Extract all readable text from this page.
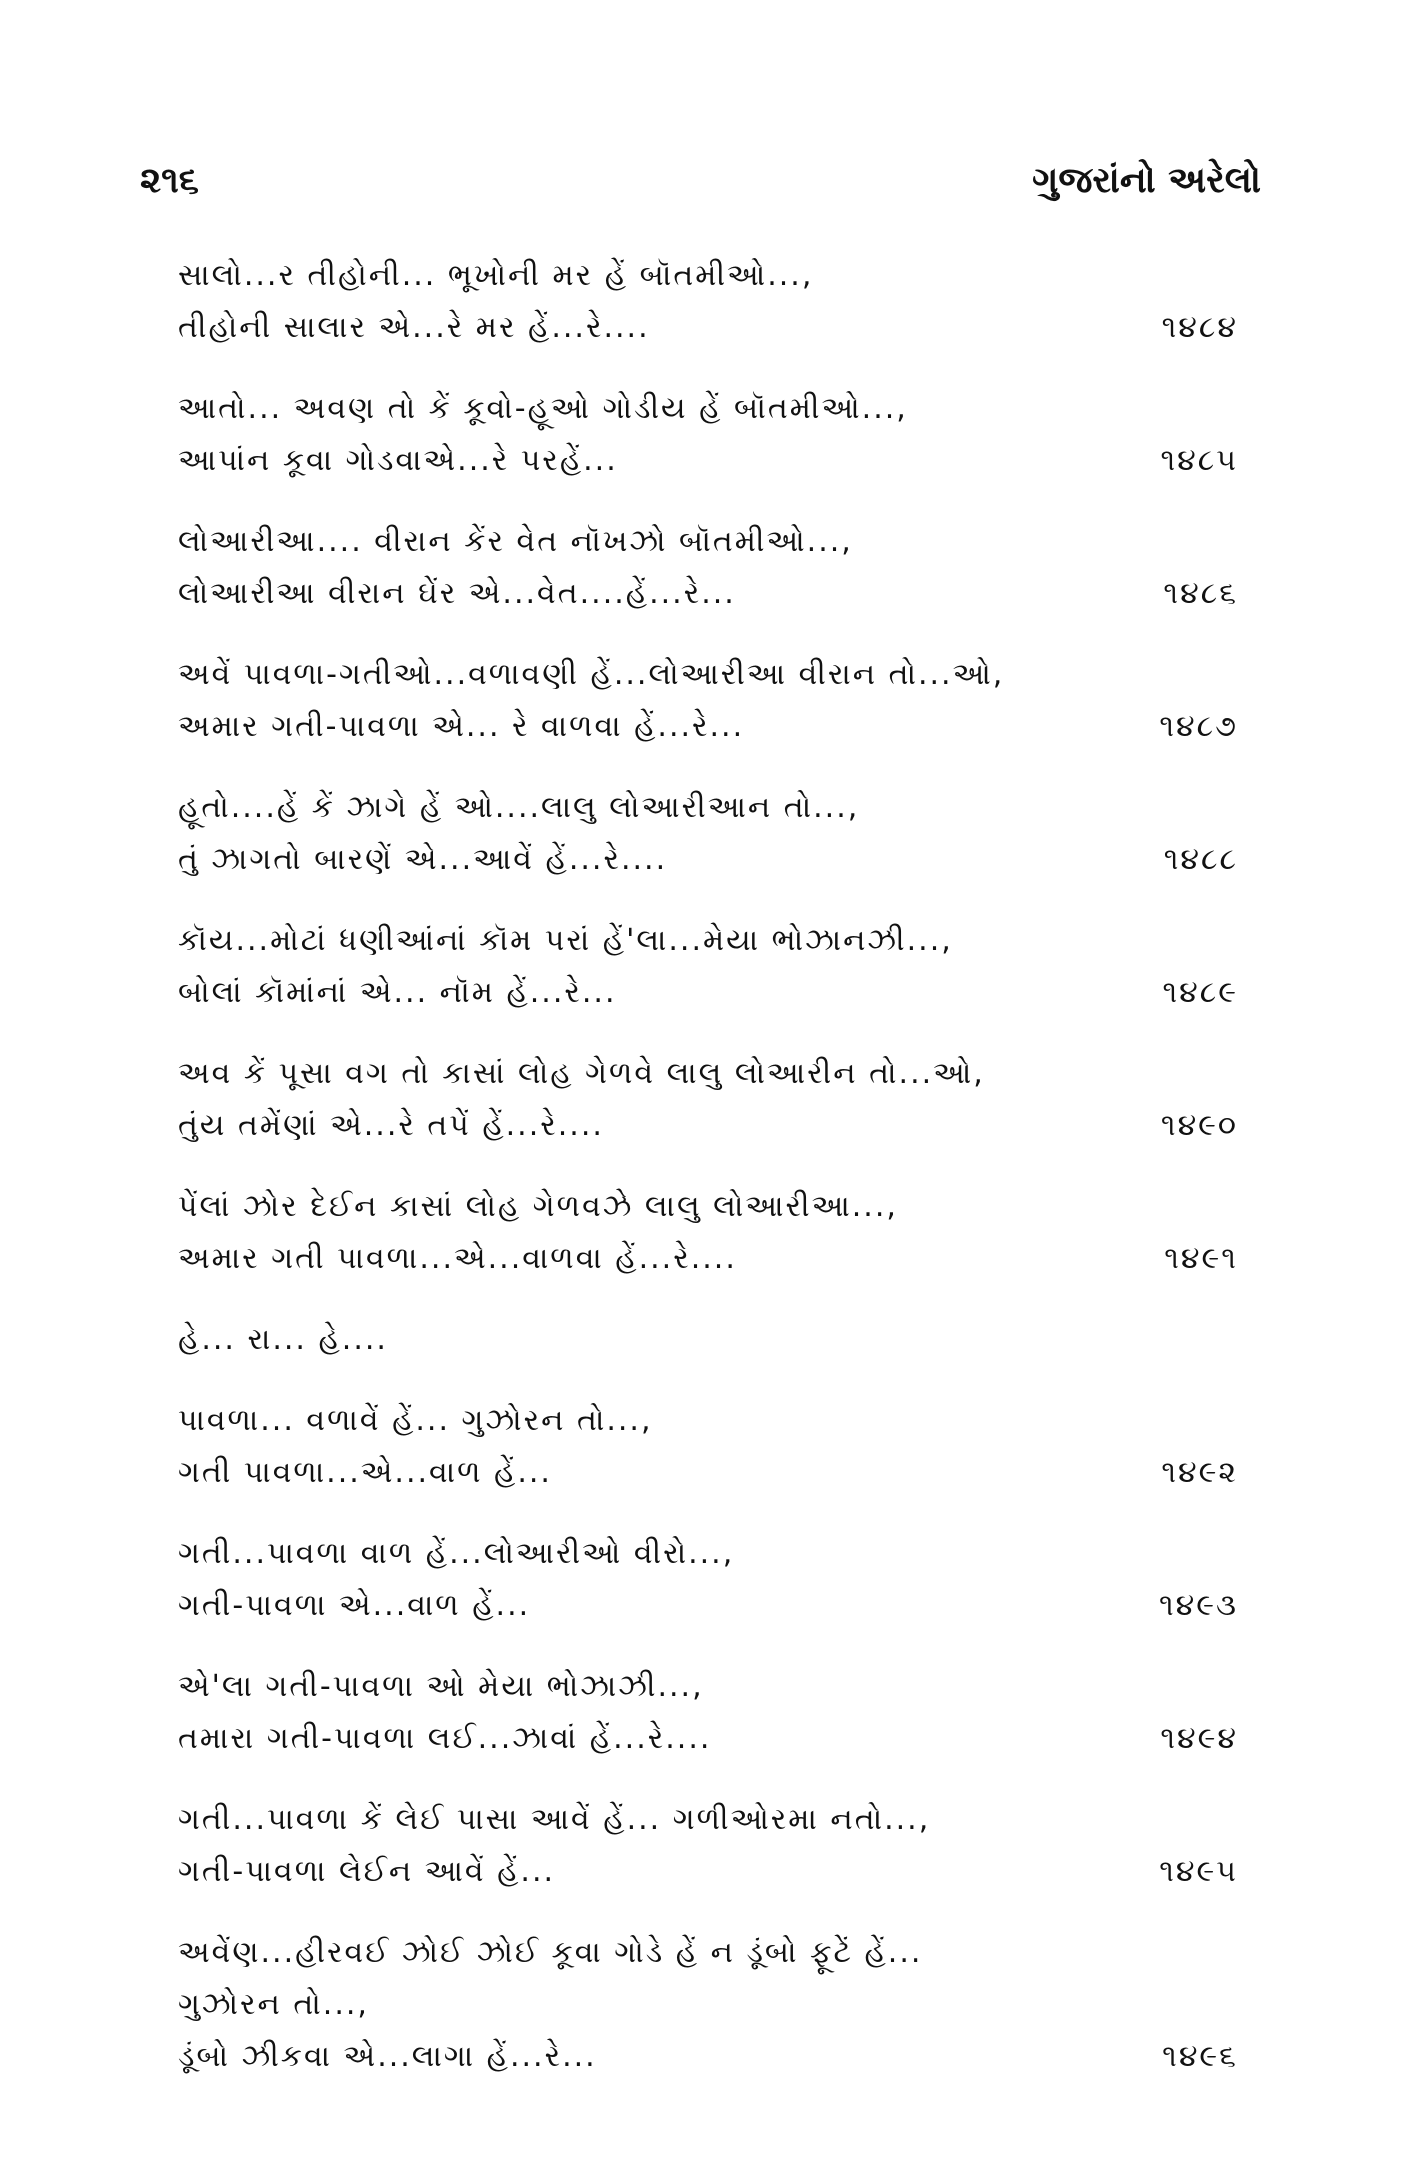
૨૧૬	ગુજરાંનો અરેલો
સાલો...ર તીહોની... ભૂખોની મર હેં બૉતમીઓ...,
તીહોની સાલાર એ...રે મર હેં...રે....	૧૪૮૪
આતો... અવણ તો કેં કૂવો-હૂઓ ગોડીય હેં બૉતમીઓ...,
આપાંન કૂવા ગોડવાએ...રે પરહેં...	૧૪૮૫
લોઆરીઆ.... વીરાન કેંર વેત નૉખઝો બૉતમીઓ...,
લોઆરીઆ વીરાન ઘેંર એ...વેત....હેં...રે...	૧૪૮૬
અવેં પાવળા-ગતીઓ...વળાવણી હેં...લોઆરીઆ વીરાન તો...ઓ,
અમાર ગતી-પાવળા એ... રે વાળવા હેં...રે...	૧૪૮૭
હૂતો....હેં કેં ઝાગે હેં ઓ....લાલુ લોઆરીઆન તો...,
તું ઝાગતો બારણેં એ...આવેં હેં...રે....	૧૪૮૮
કૉય...મોટાં ધણીઆંનાં કૉમ પરાં હેં'લા...મેયા ભોઝાનઝી...,
બોલાં કૉમાંનાં એ... નૉમ હેં...રે...	૧૪૮૯
અવ કેં પૂસા વગ તો કાસાં લોહ ગેળવે લાલુ લોઆરીન તો...ઓ,
તુંય તમેંણાં એ...રે તપેં હેં...રે....	૧૪૯૦
પેંલાં ઝોર દેઈન કાસાં લોહ ગેળવઝે લાલુ લોઆરીઆ...,
અમાર ગતી પાવળા...એ...વાળવા હેં...રે....	૧૪૯૧
હે... રા... હે....
પાવળા... વળાવેં હેં... ગુઝોરન તો...,
ગતી પાવળા...એ...વાળ હેં...	૧૪૯૨
ગતી...પાવળા વાળ હેં...લોઆરીઓ વીરો...,
ગતી-પાવળા એ...વાળ હેં...	૧૪૯૩
એ'લા ગતી-પાવળા ઓ મેયા ભોઝાઝી...,
તમારા ગતી-પાવળા લઈ...ઝાવાં હેં...રે....	૧૪૯૪
ગતી...પાવળા કેં લેઈ પાસા આવેં હેં... ગળીઓરમા નતો...,
ગતી-પાવળા લેઈન આવેં હેં...	૧૪૯૫
અવેંણ...હીરવઈ ઝોઈ ઝોઈ કૂવા ગોડે હેં ન ડૂંબો ફૂટેં હેં...
ગુઝોરન તો...,
ડૂંબો ઝીકવા એ...લાગા હેં...રે...	૧૪૯૬
